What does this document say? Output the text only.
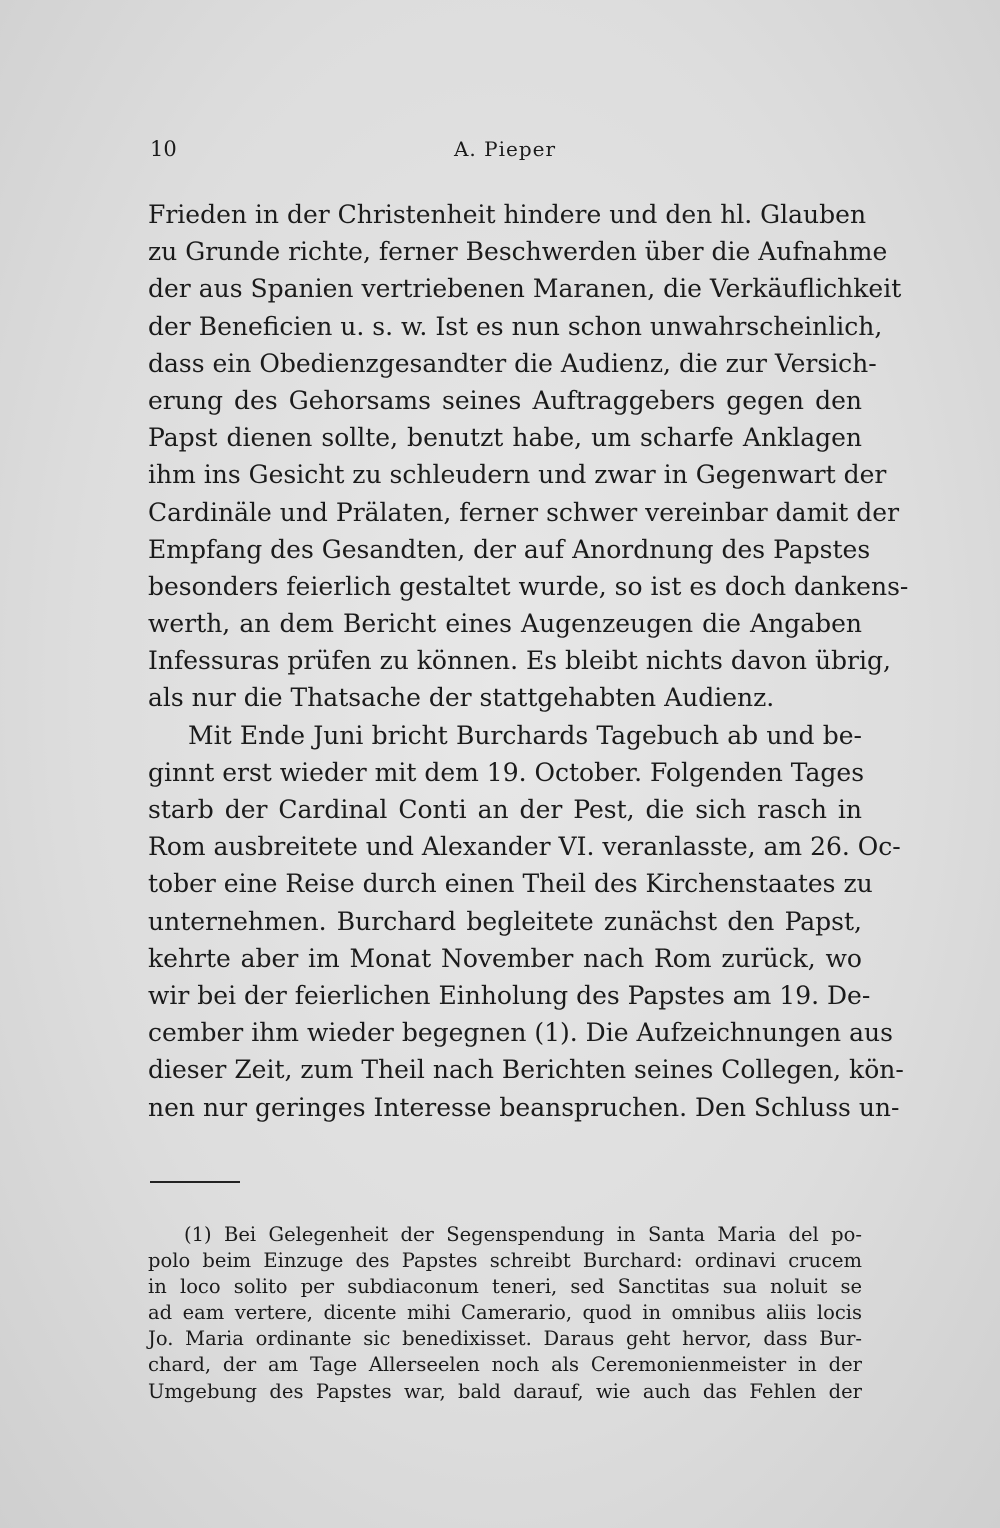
10	A. Pieper
Frieden in der Christenheit hindere und den hl. Glauben
zu Grunde richte, ferner Beschwerden über die Aufnahme
der aus Spanien vertriebenen Maranen, die Verkäuflichkeit
der Beneficien u. s. w. Ist es nun schon unwahrscheinlich,
dass ein Obedienzgesandter die Audienz, die zur Versich-
erung des Gehorsams seines Auftraggebers gegen den
Papst dienen sollte, benutzt habe, um scharfe Anklagen
ihm ins Gesicht zu schleudern und zwar in Gegenwart der
Cardinäle und Prälaten, ferner schwer vereinbar damit der
Empfang des Gesandten, der auf Anordnung des Papstes
besonders feierlich gestaltet wurde, so ist es doch dankens-
werth, an dem Bericht eines Augenzeugen die Angaben
Infessuras prüfen zu können. Es bleibt nichts davon übrig,
als nur die Thatsache der stattgehabten Audienz.
Mit Ende Juni bricht Burchards Tagebuch ab und be-
ginnt erst wieder mit dem 19. October. Folgenden Tages
starb der Cardinal Conti an der Pest, die sich rasch in
Rom ausbreitete und Alexander VI. veranlasste, am 26. Oc-
tober eine Reise durch einen Theil des Kirchenstaates zu
unternehmen. Burchard begleitete zunächst den Papst,
kehrte aber im Monat November nach Rom zurück, wo
wir bei der feierlichen Einholung des Papstes am 19. De-
cember ihm wieder begegnen (1). Die Aufzeichnungen aus
dieser Zeit, zum Theil nach Berichten seines Collegen, kön-
nen nur geringes Interesse beanspruchen. Den Schluss un-
(1) Bei Gelegenheit der Segenspendung in Santa Maria del po-
polo beim Einzuge des Papstes schreibt Burchard: ordinavi crucem
in loco solito per subdiaconum teneri, sed Sanctitas sua noluit se
ad eam vertere, dicente mihi Camerario, quod in omnibus aliis locis
Jo. Maria ordinante sic benedixisset. Daraus geht hervor, dass Bur-
chard, der am Tage Allerseelen noch als Ceremonienmeister in der
Umgebung des Papstes war, bald darauf, wie auch das Fehlen der
